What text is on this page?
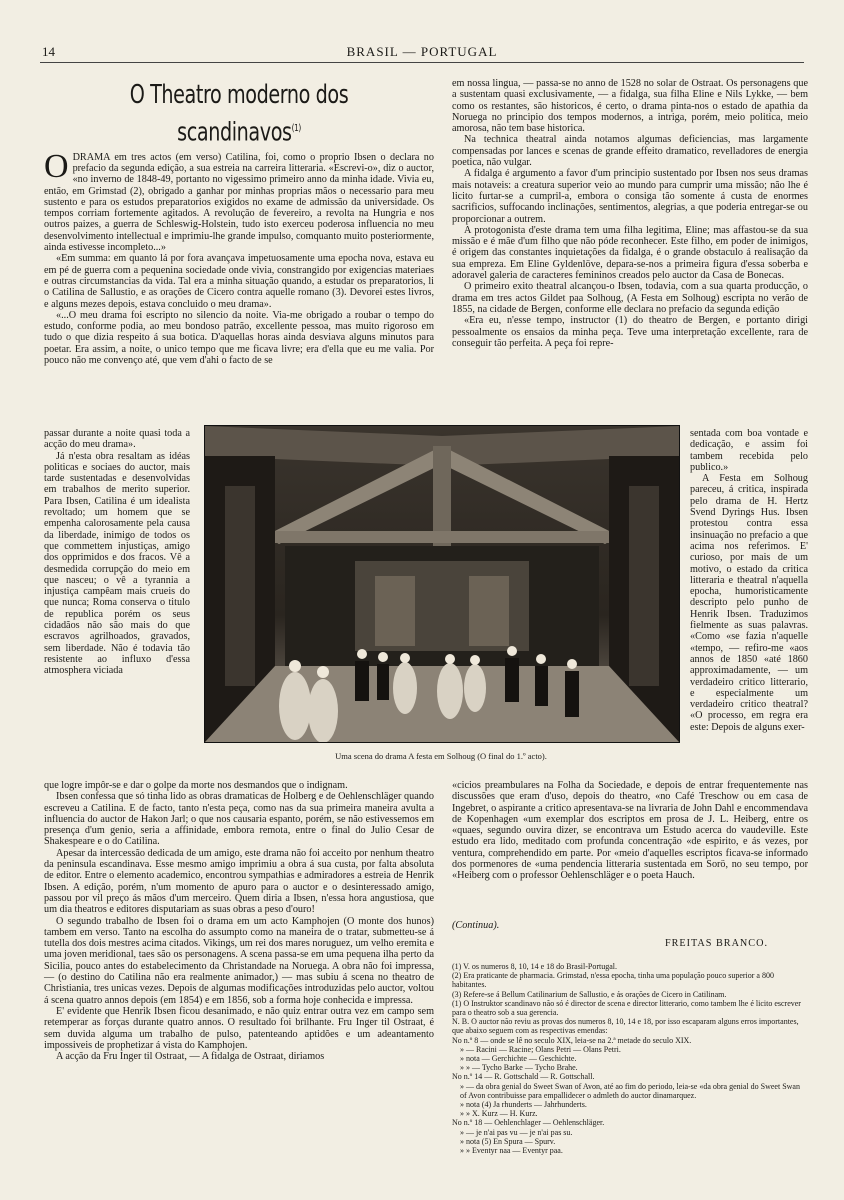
14	BRASIL — PORTUGAL
O Theatro moderno dos scandinavos$^{(1)}$
O DRAMA em tres actos (em verso) Catilina, foi, como o proprio Ibsen o declara no prefacio da segunda edição, a sua estreia na carreira litteraria. «Escrevi-o», diz o auctor, «no inverno de 1848-49, portanto no vigessimo primeiro anno da minha idade. Vivia eu, então, em Grimstad (2), obrigado a ganhar por minhas proprias mãos o necessario para meu sustento e para os estudos preparatorios exigidos no exame de admissão da universidade. Os tempos corriam fortemente agitados. A revolução de fevereiro, a revolta na Hungria e nos outros paizes, a guerra de Schleswig-Holstein, tudo isto exerceu poderosa influencia no meu desenvolvimento intellectual e imprimiu-lhe grande impulso, comquanto muito posteriormente, ainda estivesse incompleto...»

«Em summa: em quanto lá por fora avançava impetuosamente uma epocha nova, estava eu em pé de guerra com a pequenina sociedade onde vivia, constrangido por exigencias materiaes e outras circumstancias da vida. Tal era a minha situação quando, a estudar os preparatorios, li o Catilina de Sallustio, e as orações de Cicero contra aquelle romano (3). Devorei estes livros, e alguns mezes depois, estava concluido o meu drama».

«...O meu drama foi escripto no silencio da noite. Via-me obrigado a roubar o tempo do estudo, conforme podia, ao meu bondoso patrão, excellente pessoa, mas muito rigoroso em tudo o que dizia respeito á sua botica. D'aquellas horas ainda desviava alguns minutos para poetar. Era assim, a noite, o unico tempo que me ficava livre; era d'ella que eu me valia. Por pouco não me convenço até, que vem d'ahi o facto de se

em nossa lingua, — passa-se no anno de 1528 no solar de Ostraat. Os personagens que a sustentam quasi exclusivamente, — a fidalga, sua filha Eline e Nils Lykke, — bem como os restantes, são historicos, é certo, o drama pinta-nos o estado de apathia da Noruega no principio dos tempos modernos, a intriga, porém, meio politica, meio amorosa, não tem base historica.

Na technica theatral ainda notamos algumas deficiencias, mas largamente compensadas por lances e scenas de grande effeito dramatico, revelladores de energia poetica, não vulgar.

A fidalga é argumento a favor d'um principio sustentado por Ibsen nos seus dramas mais notaveis: a creatura superior veio ao mundo para cumprir uma missão; não lhe é licito furtar-se a cumpril-a, embora o consiga tão somente á custa de enormes sacrificios, suffocando inclinações, sentimentos, alegrias, a que poderia entregar-se ou proporcionar a outrem.

A protogonista d'este drama tem uma filha legitima, Eline; mas affastou-se da sua missão e é mãe d'um filho que não póde reconhecer. Este filho, em poder de inimigos, é origem das constantes inquietações da fidalga, é o grande obstaculo á realisação da sua empreza. Em Eline Gyldenlöve, depara-se-nos a primeira figura d'essa soberba e adoravel galeria de caracteres femininos creados pelo auctor da Casa de Bonecas.

O primeiro exito theatral alcançou-o Ibsen, todavia, com a sua quarta producção, o drama em tres actos Gildet paa Solhoug, (A Festa em Solhoug) escripta no verão de 1855, na cidade de Bergen, conforme elle declara no prefacio da segunda edição

«Era eu, n'esse tempo, instructor (1) do theatro de Bergen, e portanto dirigi pessoalmente os ensaios da minha peça. Teve uma interpretação excellente, rara de conseguir tão perfeita. A peça foi repre-

passar durante a noite quasi toda a acção do meu drama».

Já n'esta obra resaltam as idéas politicas e sociaes do auctor, mais tarde sustentadas e desenvolvidas em trabalhos de merito superior. Para Ibsen, Catilina é um idealista revoltado; um homem que se empenha calorosamente pela causa da liberdade, inimigo de todos os que commettem injustiças, amigo dos opprimidos e dos fracos. Vê a desmedida corrupção do meio em que nasceu; o vê a tyrannia a injustiça campêam mais crueis do que nunca; Roma conserva o titulo de republica porém os seus cidadãos não são mais do que escravos agrilhoados, gravados, sem liberdade. Não é todavia tão resistente ao influxo d'essa atmosphera viciada

Uma scena do drama A festa em Solhoug (O final do 1.º acto).

sentada com boa vontade e dedicação, e assim foi tambem recebida pelo publico.»

A Festa em Solhoug pareceu, á critica, inspirada pelo drama de H. Hertz Svend Dyrings Hus. Ibsen protestou contra essa insinuação no prefacio a que acima nos referimos. E' curioso, por mais de um motivo, o estado da critica litteraria e theatral n'aquella epocha, humoristicamente descripto pelo punho de Henrik Ibsen. Traduzimos fielmente as suas palavras. «Como «se fazia n'aquelle «tempo, — refiro-me «aos annos de 1850 «até 1860 approximadamente, — um verdadeiro critico litterario, e especialmente um verdadeiro critico theatral? «O processo, em regra era este: Depois de alguns exer-

que logre impôr-se e dar o golpe da morte nos desmandos que o indignam.

Ibsen confessa que só tinha lido as obras dramaticas de Holberg e de Oehlenschläger quando escreveu a Catilina. E de facto, tanto n'esta peça, como nas da sua primeira maneira avulta a influencia do auctor de Hakon Jarl; o que nos causaria espanto, porém, se não estivessemos em presença d'um genio, seria a affinidade, embora remota, entre o final do Julio Cesar de Shakespeare e o do Catilina.

Apesar da intercessão dedicada de um amigo, este drama não foi acceito por nenhum theatro da peninsula escandinava. Esse mesmo amigo imprimiu a obra á sua custa, por falta absoluta de editor. Entre o elemento academico, encontrou sympathias e admiradores a estreia de Henrik Ibsen. A edição, porém, n'um momento de apuro para o auctor e o desinteressado amigo, passou por vil preço ás mãos d'um merceiro. Quem diria a Ibsen, n'essa hora angustiosa, que um dia theatros e editores disputariam as suas obras a peso d'ouro!

O segundo trabalho de Ibsen foi o drama em um acto Kamphojen (O monte dos hunos) tambem em verso. Tanto na escolha do assumpto como na maneira de o tratar, submetteu-se á tutella dos dois mestres acima citados. Vikings, um rei dos mares noruguez, um velho eremita e uma joven meridional, taes são os personagens. A scena passa-se em uma pequena ilha perto da Sicilia, pouco antes do estabelecimento da Christandade na Noruega. A obra não foi impressa, — (o destino do Catilina não era realmente animador,) — mas subiu á scena no theatro de Christiania, tres unicas vezes. Depois de algumas modificações introduzidas pelo auctor, voltou á scena quatro annos depois (em 1854) e em 1856, sob a forma hoje conhecida e impressa.

E' evidente que Henrik Ibsen ficou desanimado, e não quiz entrar outra vez em campo sem retemperar as forças durante quatro annos. O resultado foi brilhante. Fru Inger til Ostraat, é sem duvida alguma um trabalho de pulso, patenteando aptidões e um adeantamento impossiveis de prophetizar á vista do Kamphojen.

A acção da Fru Inger til Ostraat, — A fidalga de Ostraat, diriamos

«cicios preambulares na Folha da Sociedade, e depois de entrar frequentemente nas discussões que eram d'uso, depois do theatro, «no Café Treschow ou em casa de Ingebret, o aspirante a critico apresentava-se na livraria de John Dahl e encommendava de Kopenhagen «um exemplar dos escriptos em prosa de J. L. Heiberg, entre os «quaes, segundo ouvira dizer, se encontrava um Estudo acerca do vaudeville. Este estudo era lido, meditado com profunda concentração «de espirito, e ás vezes, por ventura, comprehendido em parte. Por «meio d'aquelles escriptos ficava-se informado dos pormenores de «uma pendencia litteraria sustentada em Sorö, no seu tempo, por «Heiberg com o professor Oehlenschläger e o poeta Hauch.

(Continua).
FREITAS BRANCO.
(1) V. os numeros 8, 10, 14 e 18 do Brasil-Portugal.
(2) Era praticante de pharmacia. Grimstad, n'essa epocha, tinha uma população pouco superior a 800 habitantes.
(3) Refere-se á Bellum Catilinarium de Sallustio, e ás orações de Cicero in Catilinam.
(1) O Instruktor scandinavo não só é director de scena e director litterario, como tambem lhe é licito escrever para o theatro sob a sua gerencia.
N. B. O auctor não reviu as provas dos numeros 8, 10, 14 e 18, por isso escaparam alguns erros importantes, que abaixo seguem com as respectivas emendas:
No n.º 8 — onde se lê no seculo XIX, leia-se na 2.ª metade do seculo XIX.
» — Racini — Racine; Olans Petri — Olans Petri.
» nota — Gerchichte — Geschichte.
» » — Tycho Barke — Tycho Brahe.
No n.º 14 — R. Gottschald — R. Gottschall.
» — da obra genial do Sweet Swan of Avon, até ao fim do periodo, leia-se «da obra genial do Sweet Swan of Avon contribuisse para empallidecer o admleth do auctor dinamarquez.
» nota (4) Ja rhunderts — Jahrhunderts.
» » X. Kurz — H. Kurz.
No n.º 18 — Oehlenchlager — Oehlenschläger.
» — je n'ai pas vu — je n'ai pas su.
» nota (5) En Spura — Spurv.
» » Eventyr naa — Eventyr paa.
